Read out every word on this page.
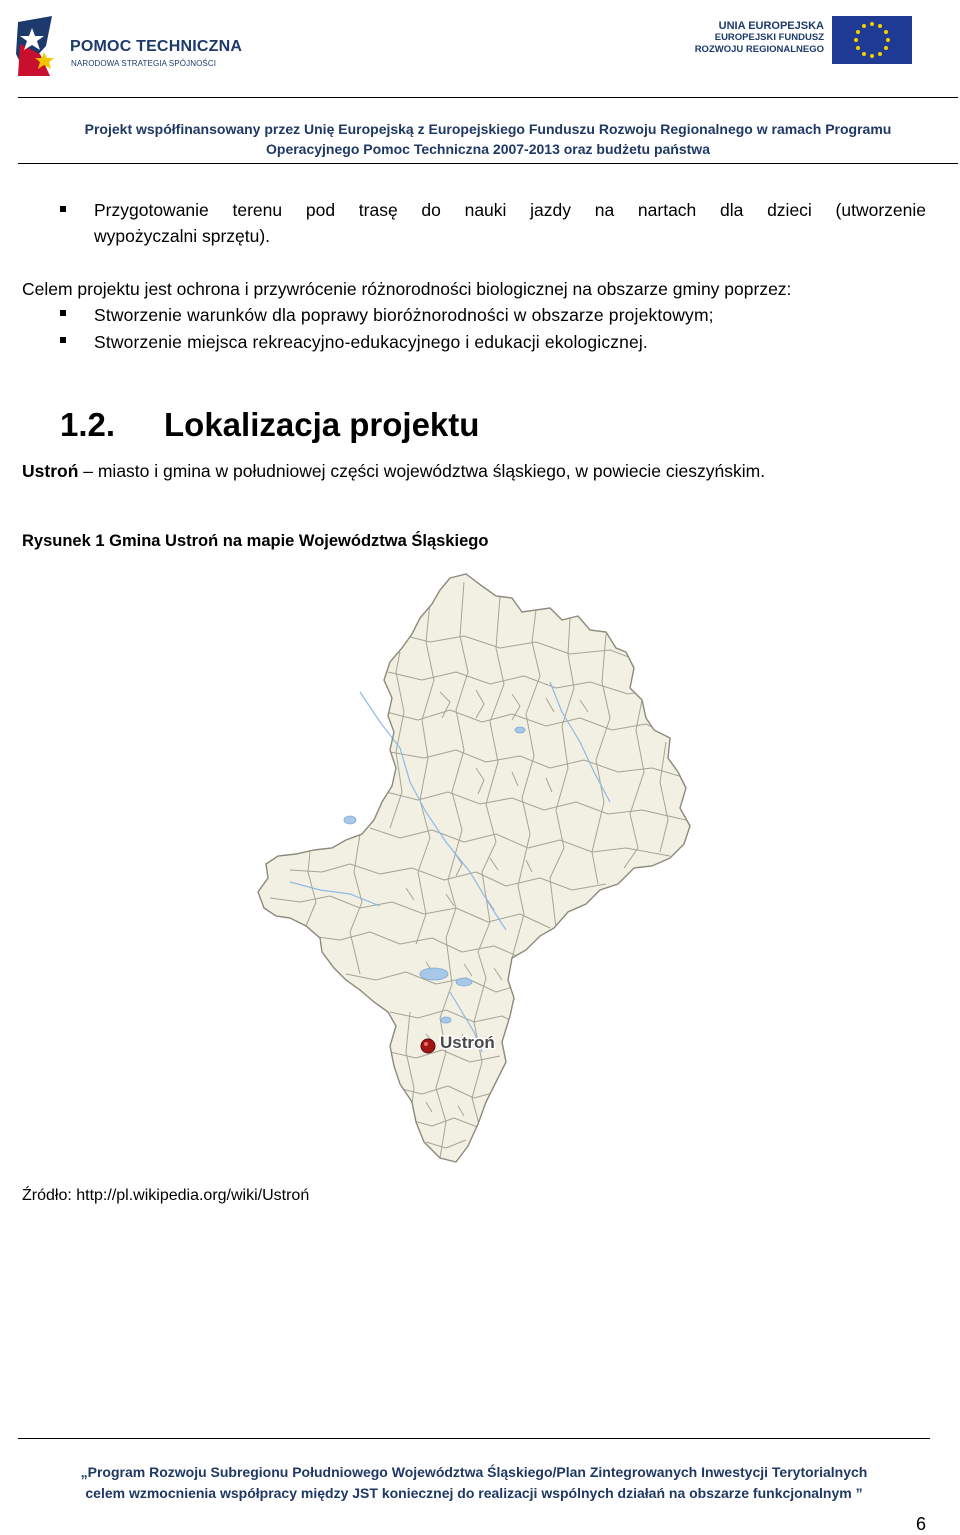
POMOC TECHNICZNA
NARODOWA STRATEGIA SPÓJNOŚCI
UNIA EUROPEJSKA
EUROPEJSKI FUNDUSZ
ROZWOJU REGIONALNEGO
Projekt współfinansowany przez Unię Europejską z Europejskiego Funduszu Rozwoju Regionalnego w ramach Programu
Operacyjnego Pomoc Techniczna 2007-2013 oraz budżetu państwa
Przygotowanie terenu pod trasę do nauki jazdy na nartach dla dzieci (utworzenie
wypożyczalni sprzętu).
Celem projektu jest ochrona i przywrócenie różnorodności biologicznej na obszarze gminy poprzez:
Stworzenie warunków dla poprawy bioróżnorodności w obszarze projektowym;
Stworzenie miejsca rekreacyjno-edukacyjnego i edukacji ekologicznej.
1.2. Lokalizacja projektu
Ustroń – miasto i gmina w południowej części województwa śląskiego, w powiecie cieszyńskim.
Rysunek 1 Gmina Ustroń na mapie Województwa Śląskiego
Ustroń
Źródło: http://pl.wikipedia.org/wiki/Ustroń
„Program Rozwoju Subregionu Południowego Województwa Śląskiego/Plan Zintegrowanych Inwestycji Terytorialnych
celem wzmocnienia współpracy między JST koniecznej do realizacji wspólnych działań na obszarze funkcjonalnym ”
6
